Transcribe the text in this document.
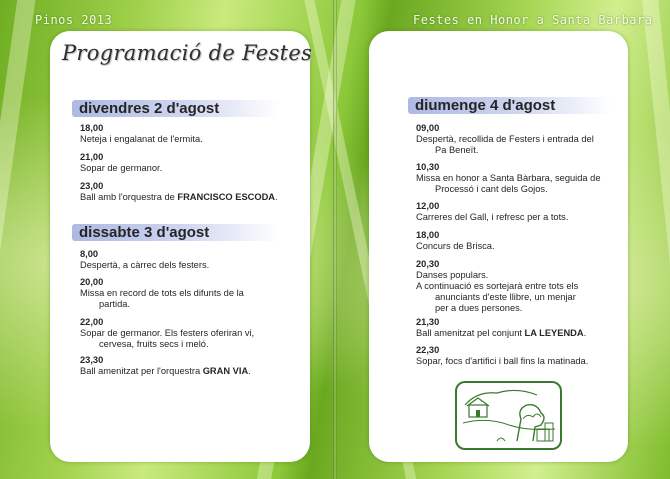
Pinos 2013	Festes en Honor a Santa Bàrbara
Programació de Festes
divendres 2 d'agost
18,00
Neteja i engalanat de l'ermita.
21,00
Sopar de germanor.
23,00
Ball amb l'orquestra de FRANCISCO ESCODA.
dissabte 3 d'agost
8,00
Despertà, a càrrec dels festers.
20,00
Missa en record de tots els difunts de la
partida.
22,00
Sopar de germanor. Els festers oferiran vi,
cervesa, fruits secs i meló.
23,30
Ball amenitzat per l'orquestra GRAN VIA.
diumenge 4 d'agost
09,00
Despertà, recollida de Festers i entrada del
Pa Beneït.
10,30
Missa en honor a Santa Bàrbara, seguida de
Processó i cant dels Gojos.
12,00
Carreres del Gall, i refresc per a tots.
18,00
Concurs de Brisca.
20,30
Danses populars.
A continuació es sortejarà entre tots els
anunciants d'este llibre, un menjar
per a dues persones.
21,30
Ball amenitzat pel conjunt LA LEYENDA.
22,30
Sopar, focs d'artifici i ball fins la matinada.
